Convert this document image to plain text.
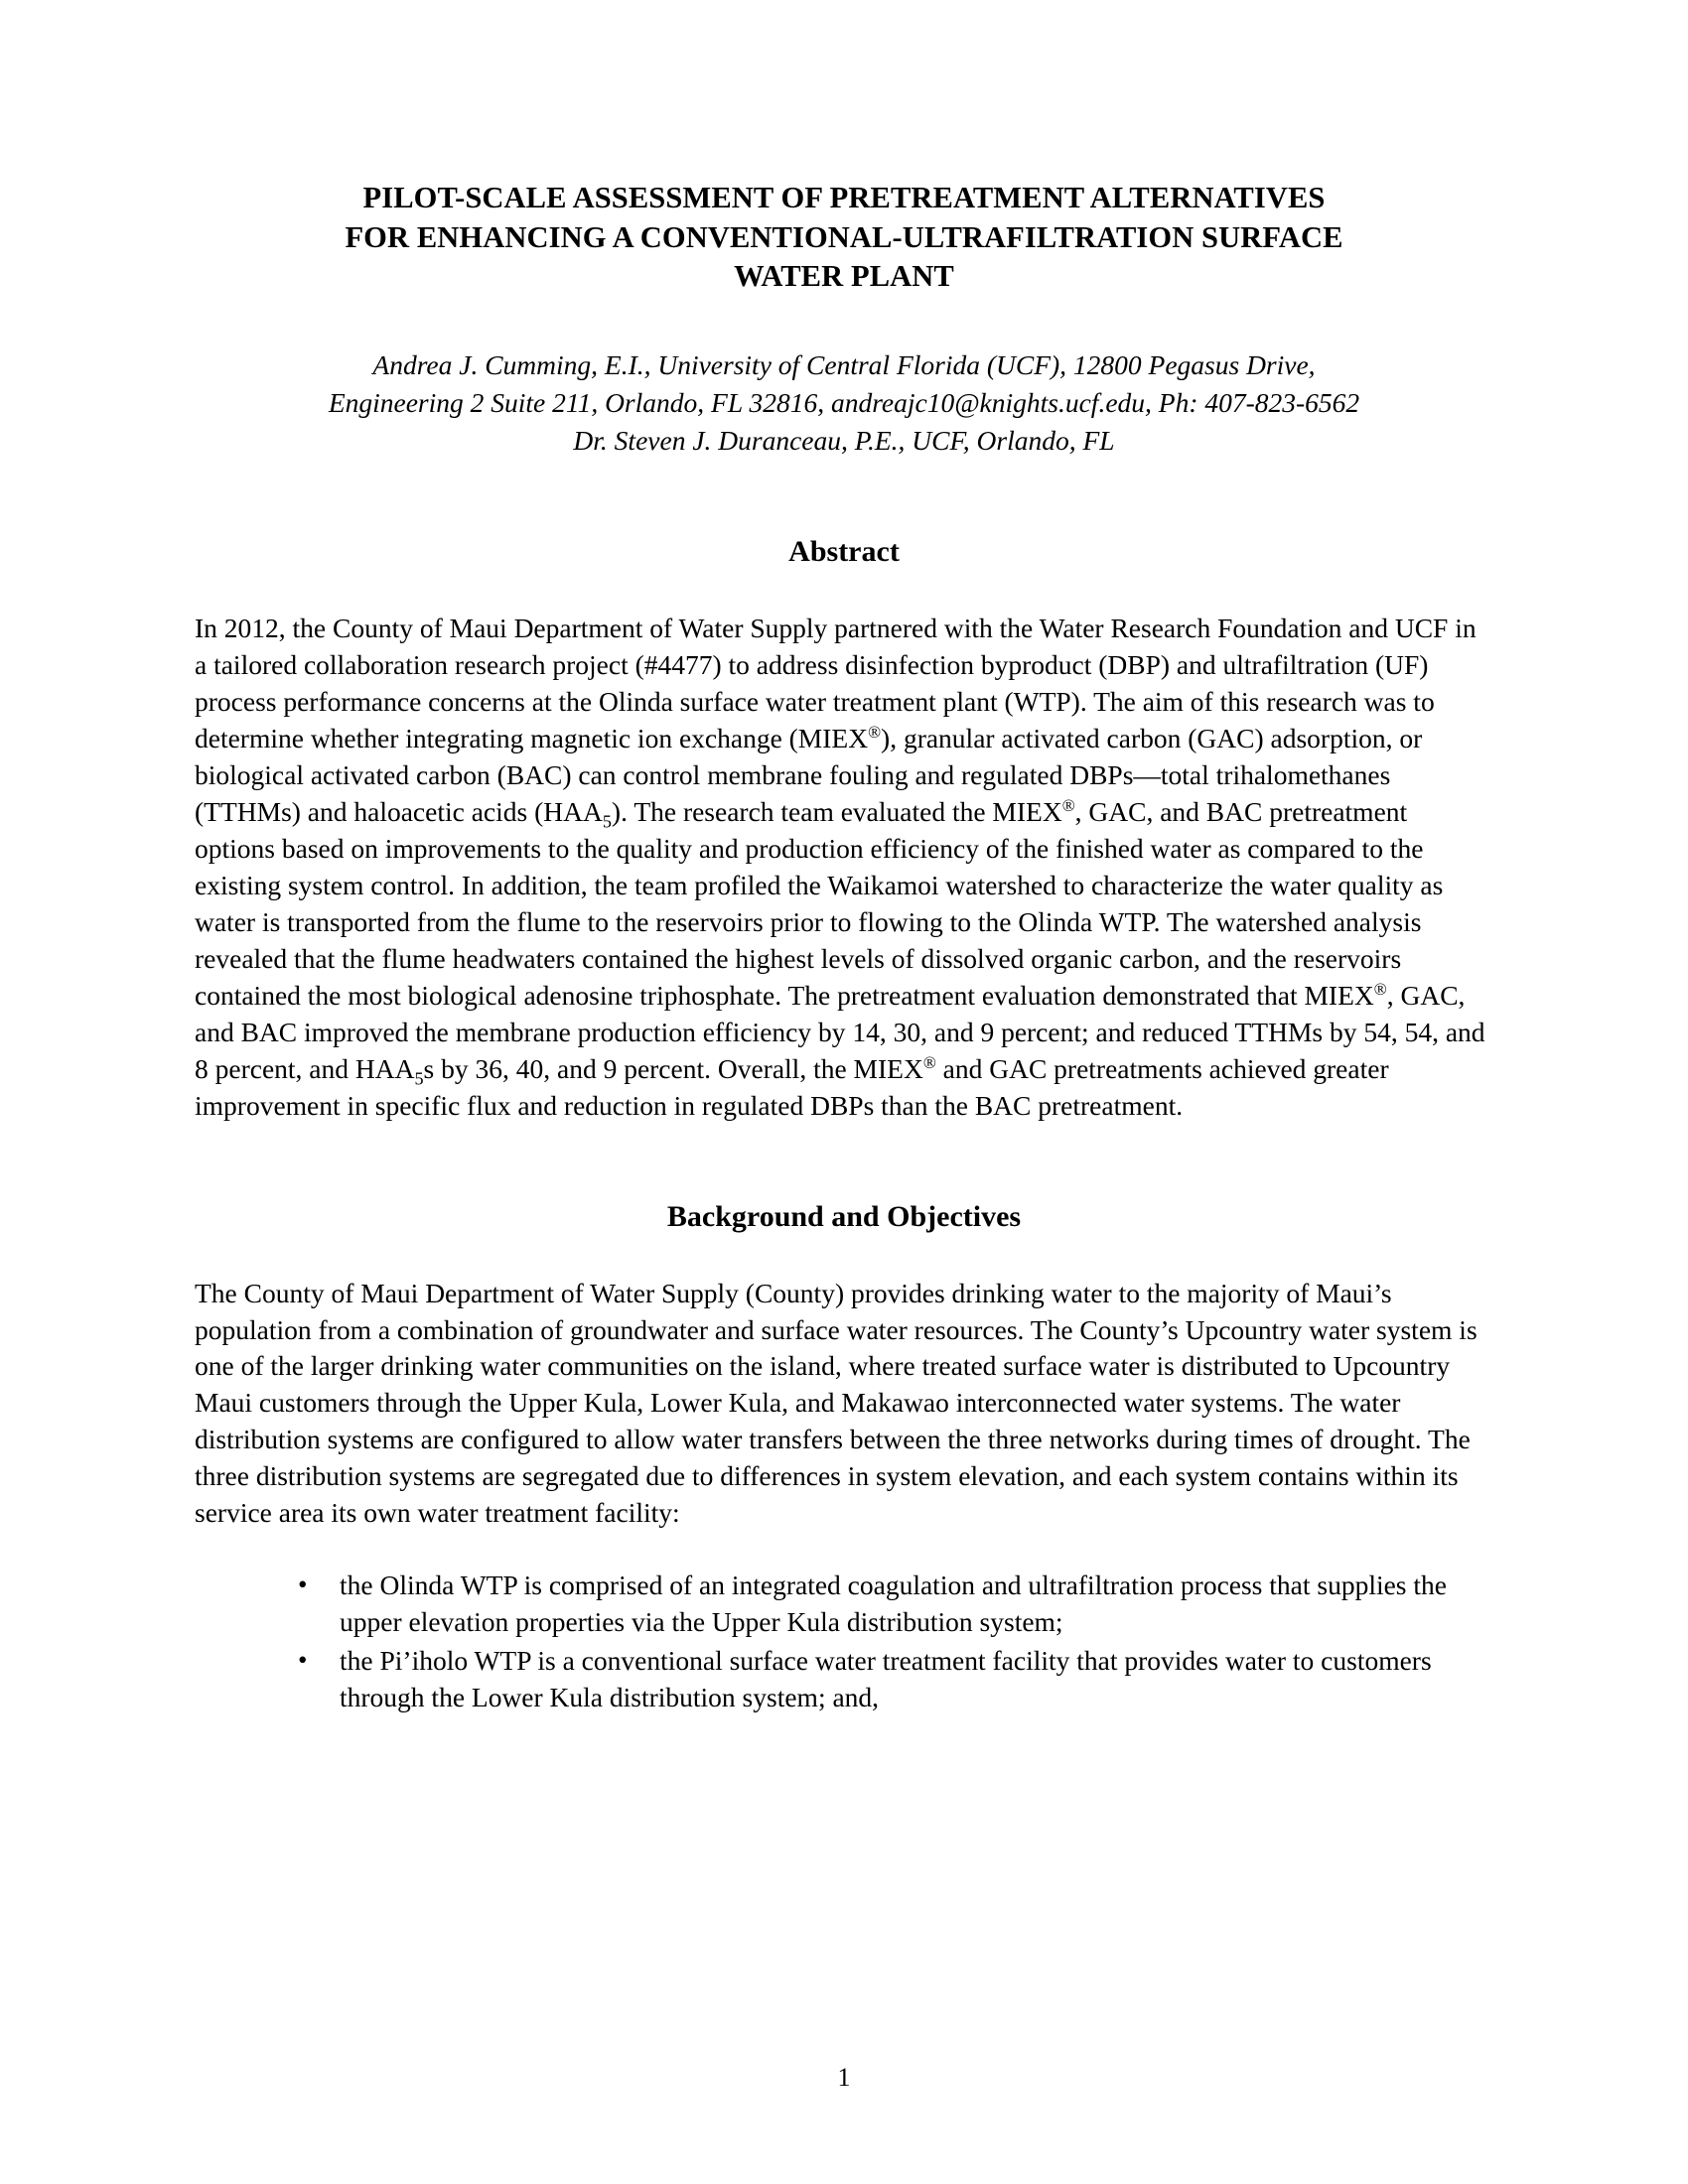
PILOT-SCALE ASSESSMENT OF PRETREATMENT ALTERNATIVES
FOR ENHANCING A CONVENTIONAL-ULTRAFILTRATION SURFACE
WATER PLANT
Andrea J. Cumming, E.I., University of Central Florida (UCF), 12800 Pegasus Drive,
Engineering 2 Suite 211, Orlando, FL 32816, andreajc10@knights.ucf.edu, Ph: 407-823-6562
Dr. Steven J. Duranceau, P.E., UCF, Orlando, FL
Abstract

In 2012, the County of Maui Department of Water Supply partnered with the Water Research Foundation and UCF in a tailored collaboration research project (#4477) to address disinfection byproduct (DBP) and ultrafiltration (UF) process performance concerns at the Olinda surface water treatment plant (WTP). The aim of this research was to determine whether integrating magnetic ion exchange (MIEX®), granular activated carbon (GAC) adsorption, or biological activated carbon (BAC) can control membrane fouling and regulated DBPs—total trihalomethanes (TTHMs) and haloacetic acids $(HAA_5)$. The research team evaluated the MIEX®, GAC, and BAC pretreatment options based on improvements to the quality and production efficiency of the finished water as compared to the existing system control. In addition, the team profiled the Waikamoi watershed to characterize the water quality as water is transported from the flume to the reservoirs prior to flowing to the Olinda WTP. The watershed analysis revealed that the flume headwaters contained the highest levels of dissolved organic carbon, and the reservoirs contained the most biological adenosine triphosphate. The pretreatment evaluation demonstrated that MIEX®, GAC, and BAC improved the membrane production efficiency by 14, 30, and 9 percent; and reduced TTHMs by 54, 54, and 8 percent, and $HAA_5s$ by 36, 40, and 9 percent. Overall, the MIEX® and GAC pretreatments achieved greater improvement in specific flux and reduction in regulated DBPs than the BAC pretreatment.

Background and Objectives

The County of Maui Department of Water Supply (County) provides drinking water to the majority of Maui’s population from a combination of groundwater and surface water resources. The County’s Upcountry water system is one of the larger drinking water communities on the island, where treated surface water is distributed to Upcountry Maui customers through the Upper Kula, Lower Kula, and Makawao interconnected water systems. The water distribution systems are configured to allow water transfers between the three networks during times of drought. The three distribution systems are segregated due to differences in system elevation, and each system contains within its service area its own water treatment facility:

• the Olinda WTP is comprised of an integrated coagulation and ultrafiltration process that supplies the upper elevation properties via the Upper Kula distribution system;
• the Pi’iholo WTP is a conventional surface water treatment facility that provides water to customers through the Lower Kula distribution system; and,
1
